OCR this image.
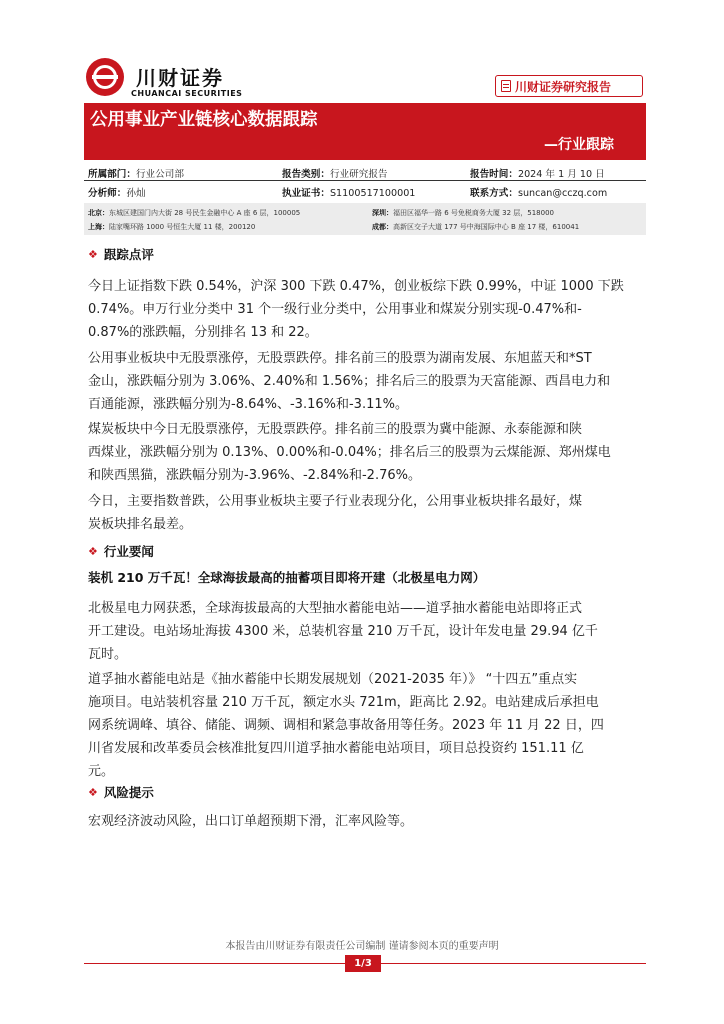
川财证券
CHUANCAI SECURITIES	川财证券研究报告
公用事业产业链核心数据跟踪
—行业跟踪
所属部门：行业公司部	报告类别：行业研究报告	报告时间：2024 年 1 月 10 日
分析师：孙灿	执业证书：S1100517100001	联系方式：suncan@cczq.com
北京：东城区建国门内大街 28 号民生金融中心 A 座 6 层，100005	深圳：福田区福华一路 6 号免税商务大厦 32 层，518000
上海：陆家嘴环路 1000 号恒生大厦 11 楼，200120	成都：高新区交子大道 177 号中海国际中心 B 座 17 楼，610041
❖ 跟踪点评
今日上证指数下跌 0.54%，沪深 300 下跌 0.47%，创业板综下跌 0.99%，中证 1000 下跌
0.74%。申万行业分类中 31 个一级行业分类中，公用事业和煤炭分别实现-0.47%和-
0.87%的涨跌幅，分别排名 13 和 22。
公用事业板块中无股票涨停，无股票跌停。排名前三的股票为湖南发展、东旭蓝天和*ST
金山，涨跌幅分别为 3.06%、2.40%和 1.56%；排名后三的股票为天富能源、西昌电力和
百通能源，涨跌幅分别为-8.64%、-3.16%和-3.11%。
煤炭板块中今日无股票涨停，无股票跌停。排名前三的股票为冀中能源、永泰能源和陕
西煤业，涨跌幅分别为 0.13%、0.00%和-0.04%；排名后三的股票为云煤能源、郑州煤电
和陕西黑猫，涨跌幅分别为-3.96%、-2.84%和-2.76%。
今日，主要指数普跌，公用事业板块主要子行业表现分化，公用事业板块排名最好，煤
炭板块排名最差。
❖ 行业要闻
装机 210 万千瓦！全球海拔最高的抽蓄项目即将开建（北极星电力网）
北极星电力网获悉，全球海拔最高的大型抽水蓄能电站——道孚抽水蓄能电站即将正式
开工建设。电站场址海拔 4300 米，总装机容量 210 万千瓦，设计年发电量 29.94 亿千
瓦时。
道孚抽水蓄能电站是《抽水蓄能中长期发展规划（2021-2035 年）》 “十四五”重点实
施项目。电站装机容量 210 万千瓦，额定水头 721m，距高比 2.92。电站建成后承担电
网系统调峰、填谷、储能、调频、调相和紧急事故备用等任务。2023 年 11 月 22 日，四
川省发展和改革委员会核准批复四川道孚抽水蓄能电站项目，项目总投资约 151.11 亿
元。
❖ 风险提示
宏观经济波动风险，出口订单超预期下滑，汇率风险等。
本报告由川财证券有限责任公司编制 谨请参阅本页的重要声明
1/3
